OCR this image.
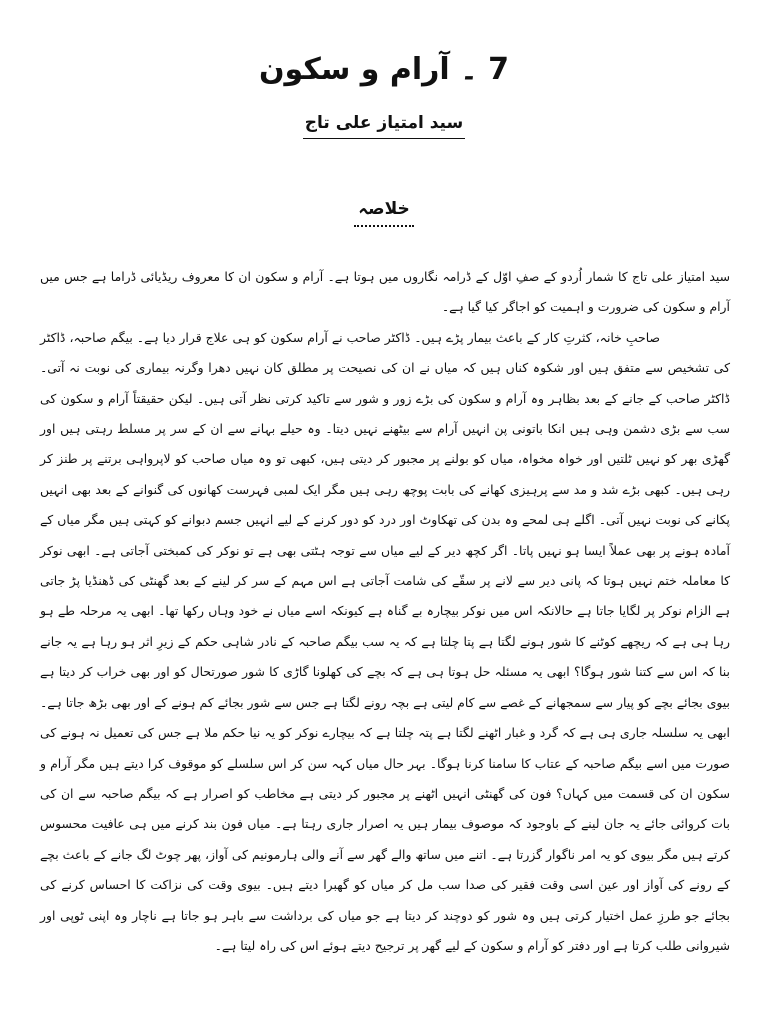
7 ۔ آرام و سکون
سید امتیاز علی تاج
خلاصہ

سید امتیاز علی تاج کا شمار اُردو کے صفِ اوّل کے ڈرامہ نگاروں میں ہوتا ہے۔ آرام و سکون ان کا معروف ریڈیائی ڈراما ہے جس میں آرام و سکون کی ضرورت و اہمیت کو اجاگر کیا گیا ہے۔

صاحبِ خانہ، کثرتِ کار کے باعث بیمار پڑے ہیں۔ ڈاکٹر صاحب نے آرام سکون کو ہی علاج قرار دیا ہے۔ بیگم صاحبہ، ڈاکٹر کی تشخیص سے متفق ہیں اور شکوہ کناں ہیں کہ میاں نے ان کی نصیحت پر مطلق کان نہیں دھرا وگرنہ بیماری کی نوبت نہ آتی۔ ڈاکٹر صاحب کے جانے کے بعد بظاہر وہ آرام و سکون کی بڑے زور و شور سے تاکید کرتی نظر آتی ہیں۔ لیکن حقیقتاً آرام و سکون کی سب سے بڑی دشمن وہی ہیں انکا باتونی پن انہیں آرام سے بیٹھنے نہیں دیتا۔ وہ حیلے بہانے سے ان کے سر پر مسلط رہتی ہیں اور گھڑی بھر کو نہیں ٹلتیں اور خواہ مخواہ، میاں کو بولنے پر مجبور کر دیتی ہیں، کبھی تو وہ میاں صاحب کو لاپرواہی برتنے پر طنز کر رہی ہیں۔ کبھی بڑے شد و مد سے پرہیزی کھانے کی بابت پوچھ رہی ہیں مگر ایک لمبی فہرست کھانوں کی گنوانے کے بعد بھی انہیں پکانے کی نوبت نہیں آتی۔ اگلے ہی لمحے وہ بدن کی تھکاوٹ اور درد کو دور کرنے کے لیے انہیں جسم دبوانے کو کہتی ہیں مگر میاں کے آمادہ ہونے پر بھی عملاً ایسا ہو نہیں پاتا۔ اگر کچھ دیر کے لیے میاں سے توجہ ہٹتی بھی ہے تو نوکر کی کمبختی آجاتی ہے۔ ابھی نوکر کا معاملہ ختم نہیں ہوتا کہ پانی دیر سے لانے پر سقّے کی شامت آجاتی ہے اس مہم کے سر کر لینے کے بعد گھنٹی کی ڈھنڈیا پڑ جاتی ہے الزام نوکر پر لگایا جاتا ہے حالانکہ اس میں نوکر بیچارہ بے گناہ ہے کیونکہ اسے میاں نے خود وہاں رکھا تھا۔ ابھی یہ مرحلہ طے ہو رہا ہی ہے کہ ریچھے کوٹنے کا شور ہونے لگتا ہے پتا چلتا ہے کہ یہ سب بیگم صاحبہ کے نادر شاہی حکم کے زیرِ اثر ہو رہا ہے یہ جانے بنا کہ اس سے کتنا شور ہوگا؟ ابھی یہ مسئلہ حل ہوتا ہی ہے کہ بچے کی کھلونا گاڑی کا شور صورتحال کو اور بھی خراب کر دیتا ہے بیوی بجائے بچے کو پیار سے سمجھانے کے غصے سے کام لیتی ہے بچہ رونے لگتا ہے جس سے شور بجائے کم ہونے کے اور بھی بڑھ جاتا ہے۔ ابھی یہ سلسلہ جاری ہی ہے کہ گرد و غبار اٹھنے لگتا ہے پتہ چلتا ہے کہ بیچارے نوکر کو یہ نیا حکم ملا ہے جس کی تعمیل نہ ہونے کی صورت میں اسے بیگم صاحبہ کے عتاب کا سامنا کرنا ہوگا۔ بہر حال میاں کہہ سن کر اس سلسلے کو موقوف کرا دیتے ہیں مگر آرام و سکون ان کی قسمت میں کہاں؟ فون کی گھنٹی انہیں اٹھنے پر مجبور کر دیتی ہے مخاطب کو اصرار ہے کہ بیگم صاحبہ سے ان کی بات کروائی جائے یہ جان لینے کے باوجود کہ موصوف بیمار ہیں یہ اصرار جاری رہتا ہے۔ میاں فون بند کرنے میں ہی عافیت محسوس کرتے ہیں مگر بیوی کو یہ امر ناگوار گزرتا ہے۔ اتنے میں ساتھ والے گھر سے آنے والی ہارمونیم کی آواز، پھر چوٹ لگ جانے کے باعث بچے کے رونے کی آواز اور عین اسی وقت فقیر کی صدا سب مل کر میاں کو گھبرا دیتے ہیں۔ بیوی وقت کی نزاکت کا احساس کرنے کی بجائے جو طرزِ عمل اختیار کرتی ہیں وہ شور کو دوچند کر دیتا ہے جو میاں کی برداشت سے باہر ہو جاتا ہے ناچار وہ اپنی ٹوپی اور شیروانی طلب کرتا ہے اور دفتر کو آرام و سکون کے لیے گھر پر ترجیح دیتے ہوئے اس کی راہ لیتا ہے۔
